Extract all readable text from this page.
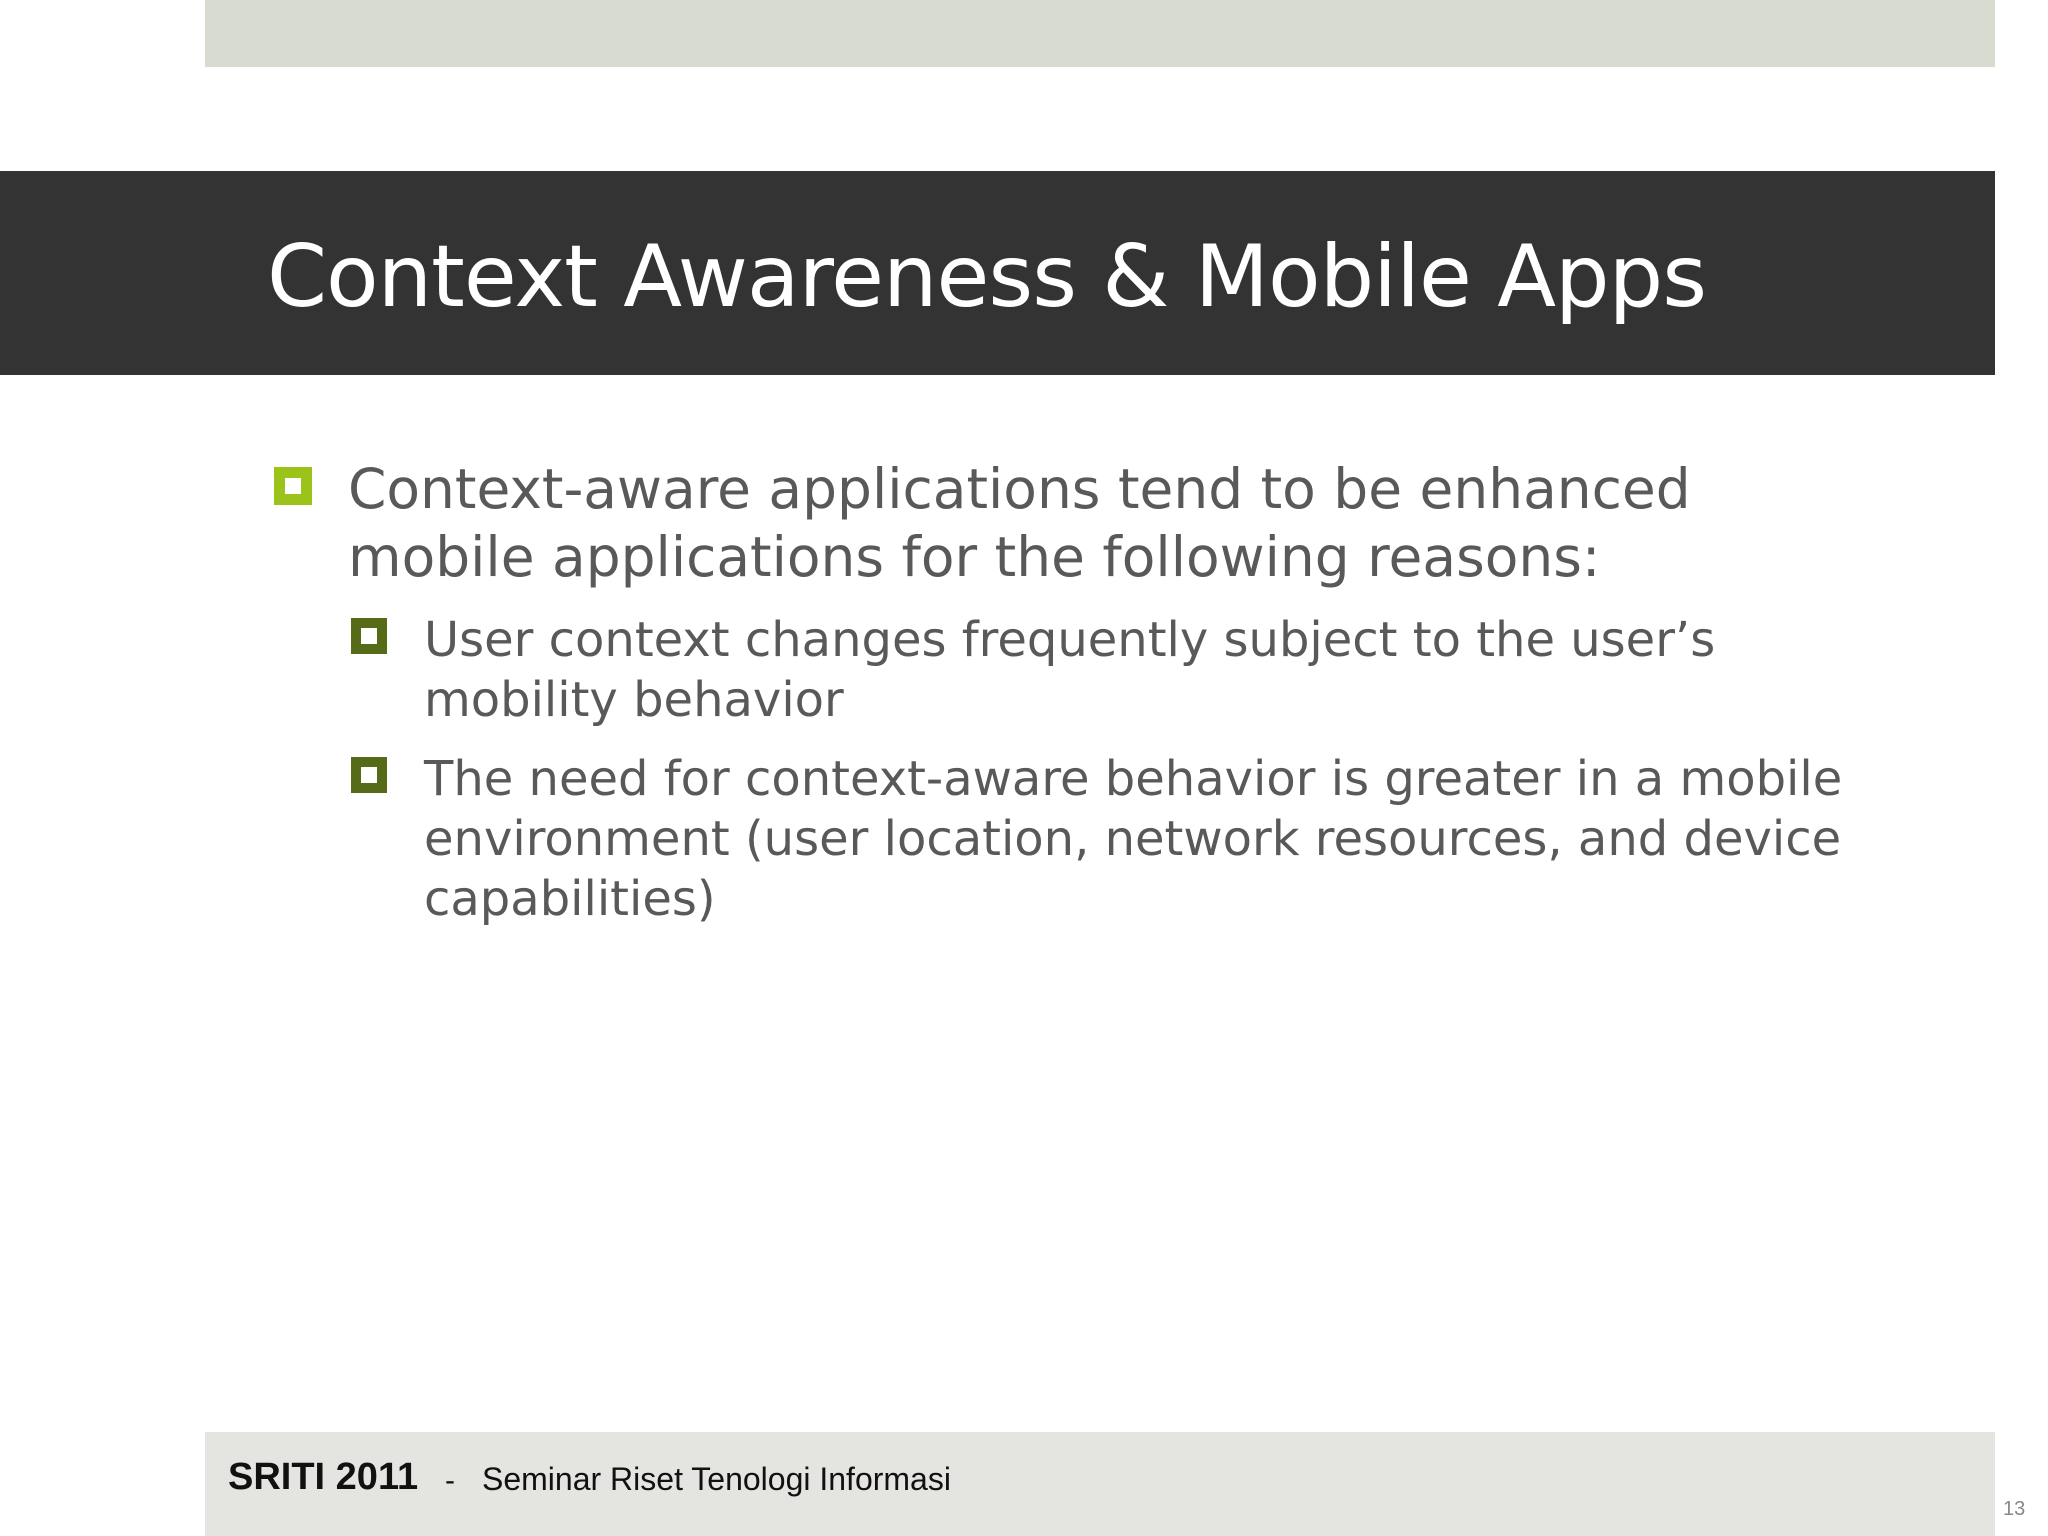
Context Awareness & Mobile Apps
Context-aware applications tend to be enhanced
mobile applications for the following reasons:
User context changes frequently subject to the user’s
mobility behavior
The need for context-aware behavior is greater in a mobile
environment (user location, network resources, and device
capabilities)
SRITI 2011 - Seminar Riset Tenologi Informasi
13
